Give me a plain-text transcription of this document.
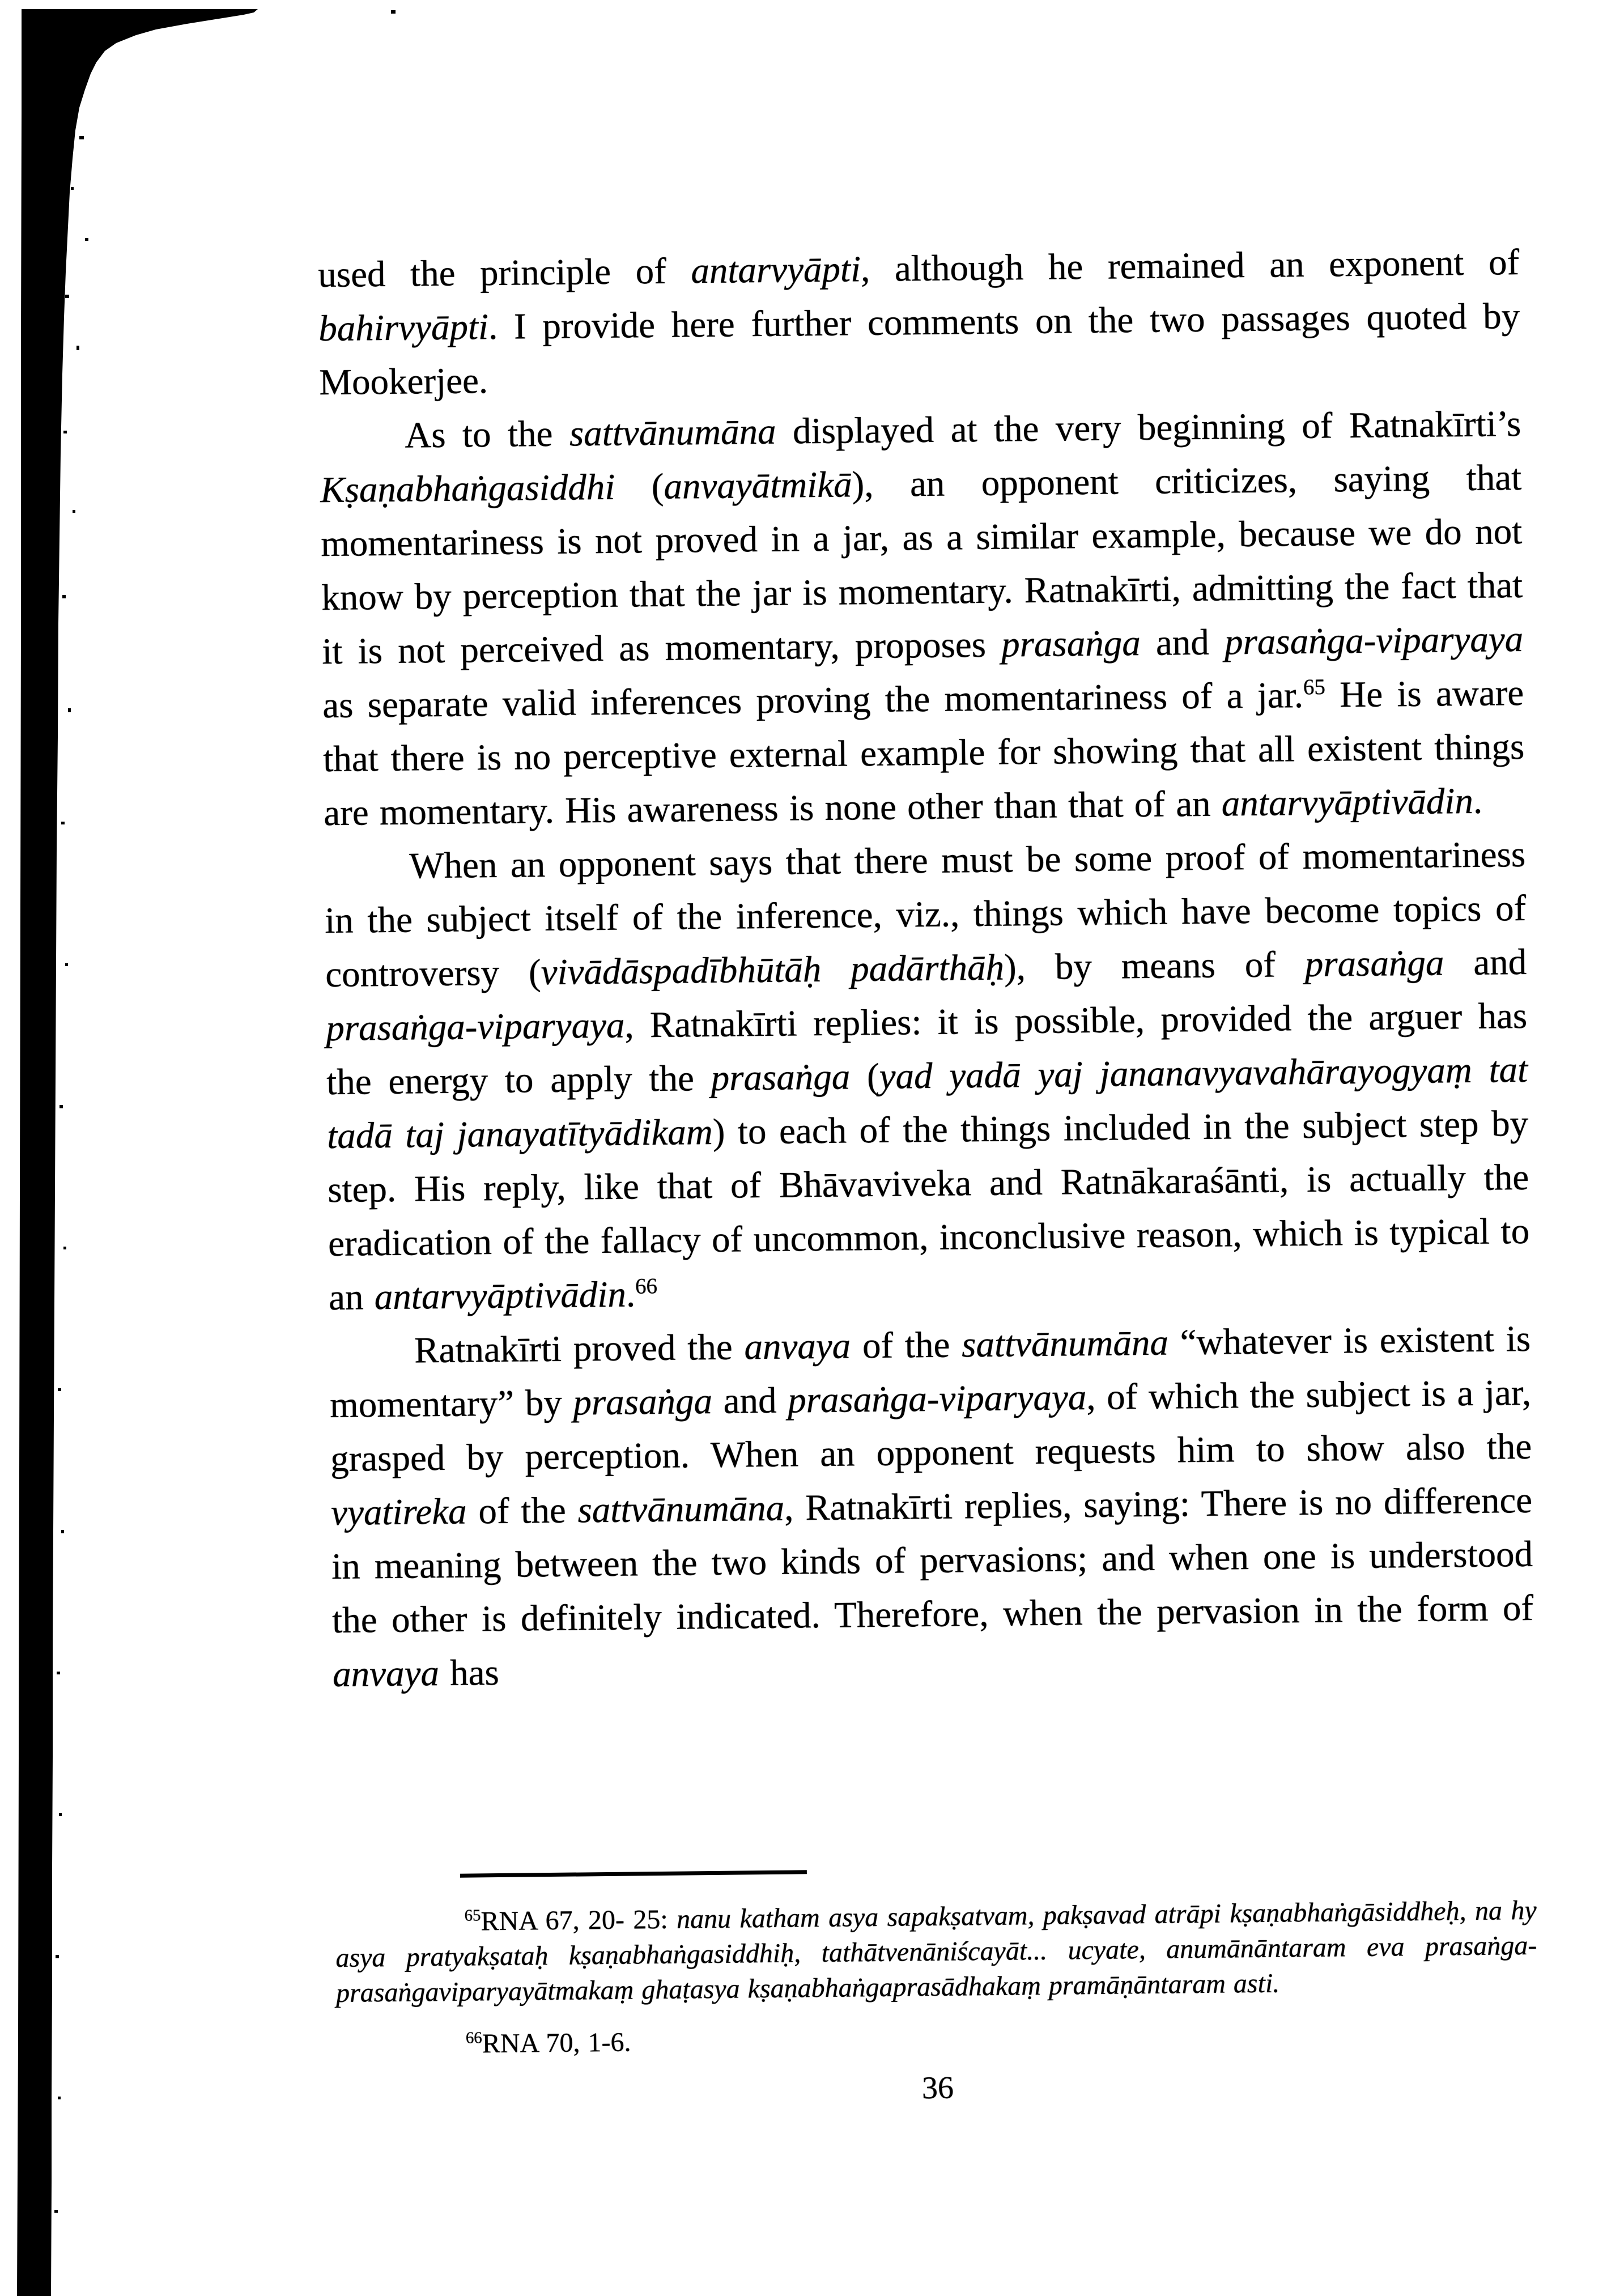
used the principle of antarvyāpti, although he remained an exponent of bahirvyāpti. I provide here further comments on the two passages quoted by Mookerjee.

As to the sattvānumāna displayed at the very beginning of Ratnakīrti’s Kṣaṇabhaṅgasiddhi (anvayātmikā), an opponent criticizes, saying that momentariness is not proved in a jar, as a similar example, because we do not know by perception that the jar is momentary. Ratnakīrti, admitting the fact that it is not perceived as momentary, proposes prasaṅga and prasaṅga-viparyaya as separate valid inferences proving the momentariness of a jar.$^{65}$ He is aware that there is no perceptive external example for showing that all existent things are momentary. His awareness is none other than that of an antarvyāptivādin.

When an opponent says that there must be some proof of momentariness in the subject itself of the inference, viz., things which have become topics of controversy (vivādāspadībhūtāḥ padārthāḥ), by means of prasaṅga and prasaṅga-viparyaya, Ratnakīrti replies: it is possible, provided the arguer has the energy to apply the prasaṅga (yad yadā yaj jananavyavahārayogyaṃ tat tadā taj janayatītyādikam) to each of the things included in the subject step by step. His reply, like that of Bhāvaviveka and Ratnākaraśānti, is actually the eradication of the fallacy of uncommon, inconclusive reason, which is typical to an antarvyāptivādin.$^{66}$

Ratnakīrti proved the anvaya of the sattvānumāna “whatever is existent is momentary” by prasaṅga and prasaṅga-viparyaya, of which the subject is a jar, grasped by perception. When an opponent requests him to show also the vyatireka of the sattvānumāna, Ratnakīrti replies, saying: There is no difference in meaning between the two kinds of pervasions; and when one is understood the other is definitely indicated. Therefore, when the pervasion in the form of anvaya has

$^{65}$RNA 67, 20- 25: nanu katham asya sapakṣatvam, pakṣavad atrāpi kṣaṇabhaṅgāsiddheḥ, na hy asya pratyakṣataḥ kṣaṇabhaṅgasiddhiḥ, tathātvenāniścayāt... ucyate, anumānāntaram eva prasaṅga-prasaṅgaviparyayātmakaṃ ghaṭasya kṣaṇabhaṅgaprasādhakaṃ pramāṇāntaram asti.

$^{66}$RNA 70, 1-6.

36
